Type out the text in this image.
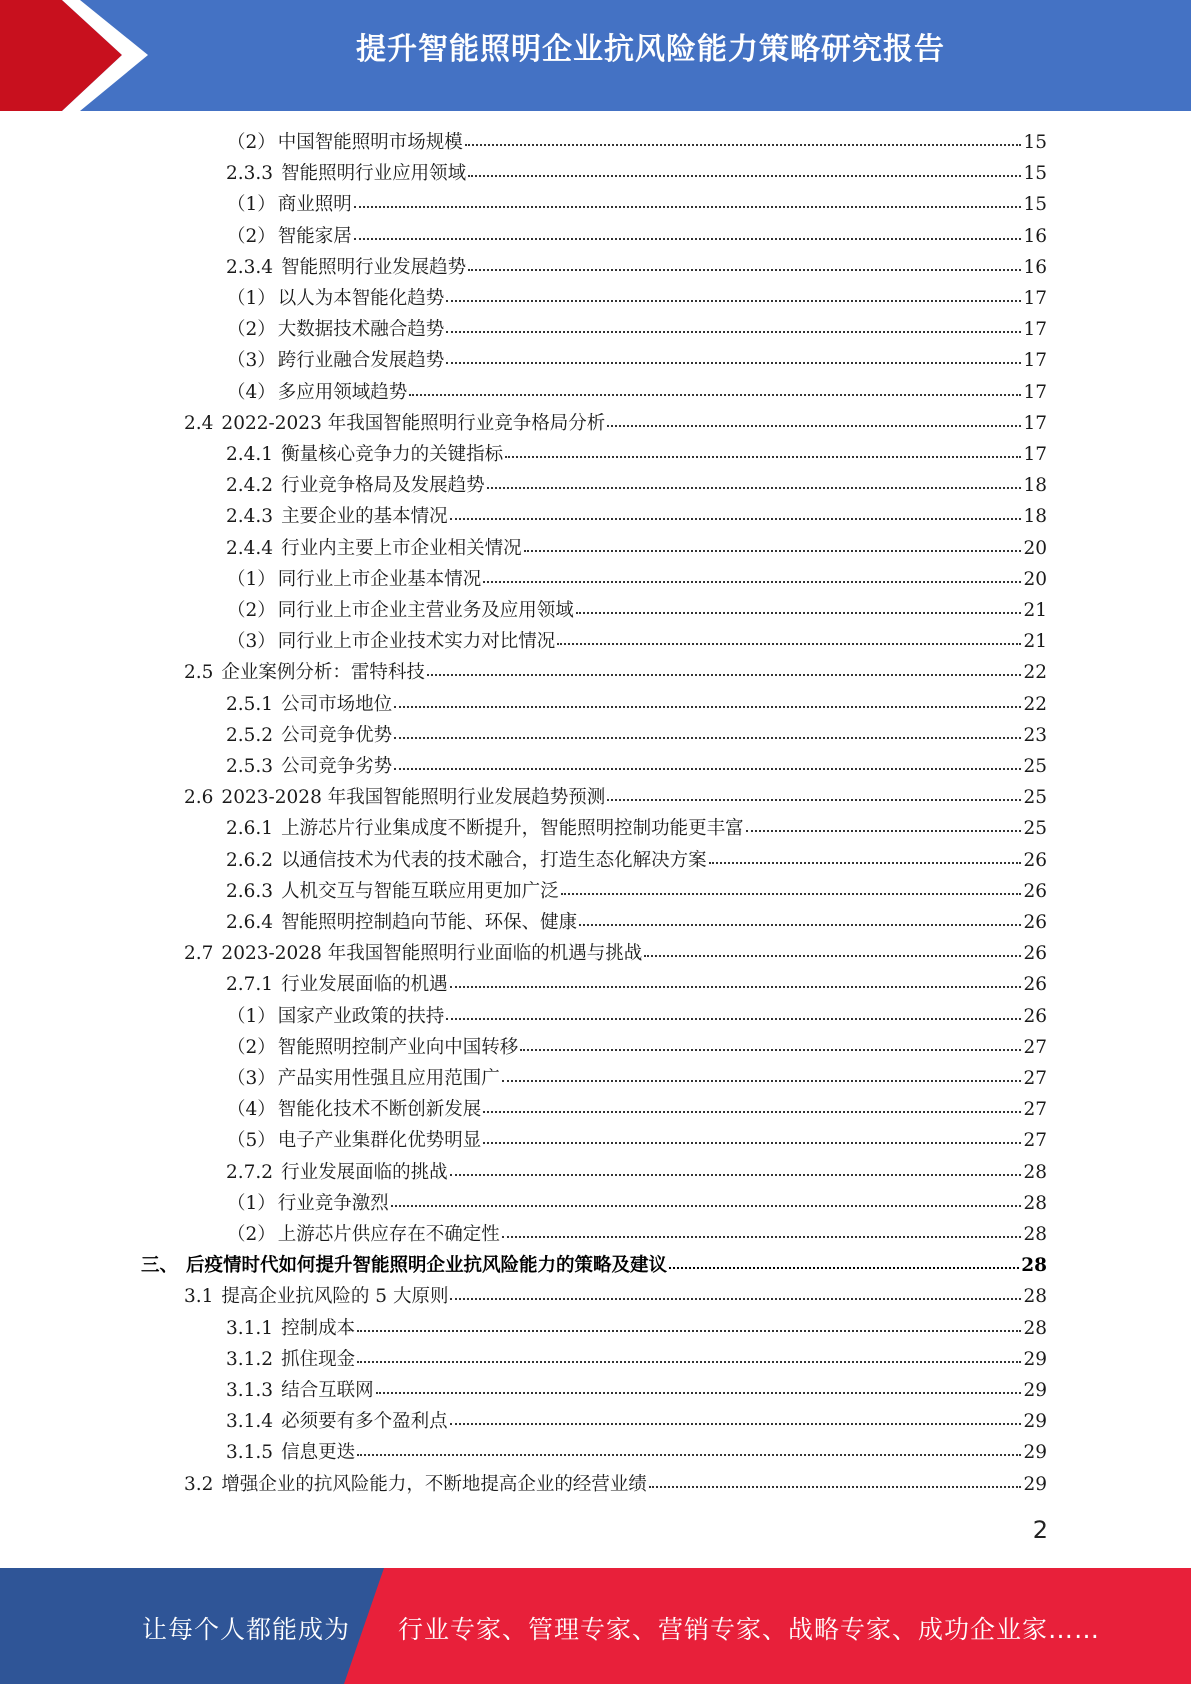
提升智能照明企业抗风险能力策略研究报告
（2） 中国智能照明市场规模	15
2.3.3 智能照明行业应用领域	15
（1） 商业照明	15
（2） 智能家居	16
2.3.4 智能照明行业发展趋势	16
（1） 以人为本智能化趋势	17
（2） 大数据技术融合趋势	17
（3） 跨行业融合发展趋势	17
（4） 多应用领域趋势	17
2.4 2022-2023 年我国智能照明行业竞争格局分析	17
2.4.1 衡量核心竞争力的关键指标	17
2.4.2 行业竞争格局及发展趋势	18
2.4.3 主要企业的基本情况	18
2.4.4 行业内主要上市企业相关情况	20
（1） 同行业上市企业基本情况	20
（2） 同行业上市企业主营业务及应用领域	21
（3） 同行业上市企业技术实力对比情况	21
2.5 企业案例分析：雷特科技	22
2.5.1 公司市场地位	22
2.5.2 公司竞争优势	23
2.5.3 公司竞争劣势	25
2.6 2023-2028 年我国智能照明行业发展趋势预测	25
2.6.1 上游芯片行业集成度不断提升，智能照明控制功能更丰富	25
2.6.2 以通信技术为代表的技术融合，打造生态化解决方案	26
2.6.3 人机交互与智能互联应用更加广泛	26
2.6.4 智能照明控制趋向节能、环保、健康	26
2.7 2023-2028 年我国智能照明行业面临的机遇与挑战	26
2.7.1 行业发展面临的机遇	26
（1） 国家产业政策的扶持	26
（2） 智能照明控制产业向中国转移	27
（3） 产品实用性强且应用范围广	27
（4） 智能化技术不断创新发展	27
（5） 电子产业集群化优势明显	27
2.7.2 行业发展面临的挑战	28
（1） 行业竞争激烈	28
（2） 上游芯片供应存在不确定性	28
三、 后疫情时代如何提升智能照明企业抗风险能力的策略及建议	28
3.1 提高企业抗风险的 5 大原则	28
3.1.1 控制成本	28
3.1.2 抓住现金	29
3.1.3 结合互联网	29
3.1.4 必须要有多个盈利点	29
3.1.5 信息更迭	29
3.2 增强企业的抗风险能力，不断地提高企业的经营业绩	29
2
让每个人都能成为 行业专家、管理专家、营销专家、战略专家、成功企业家……
